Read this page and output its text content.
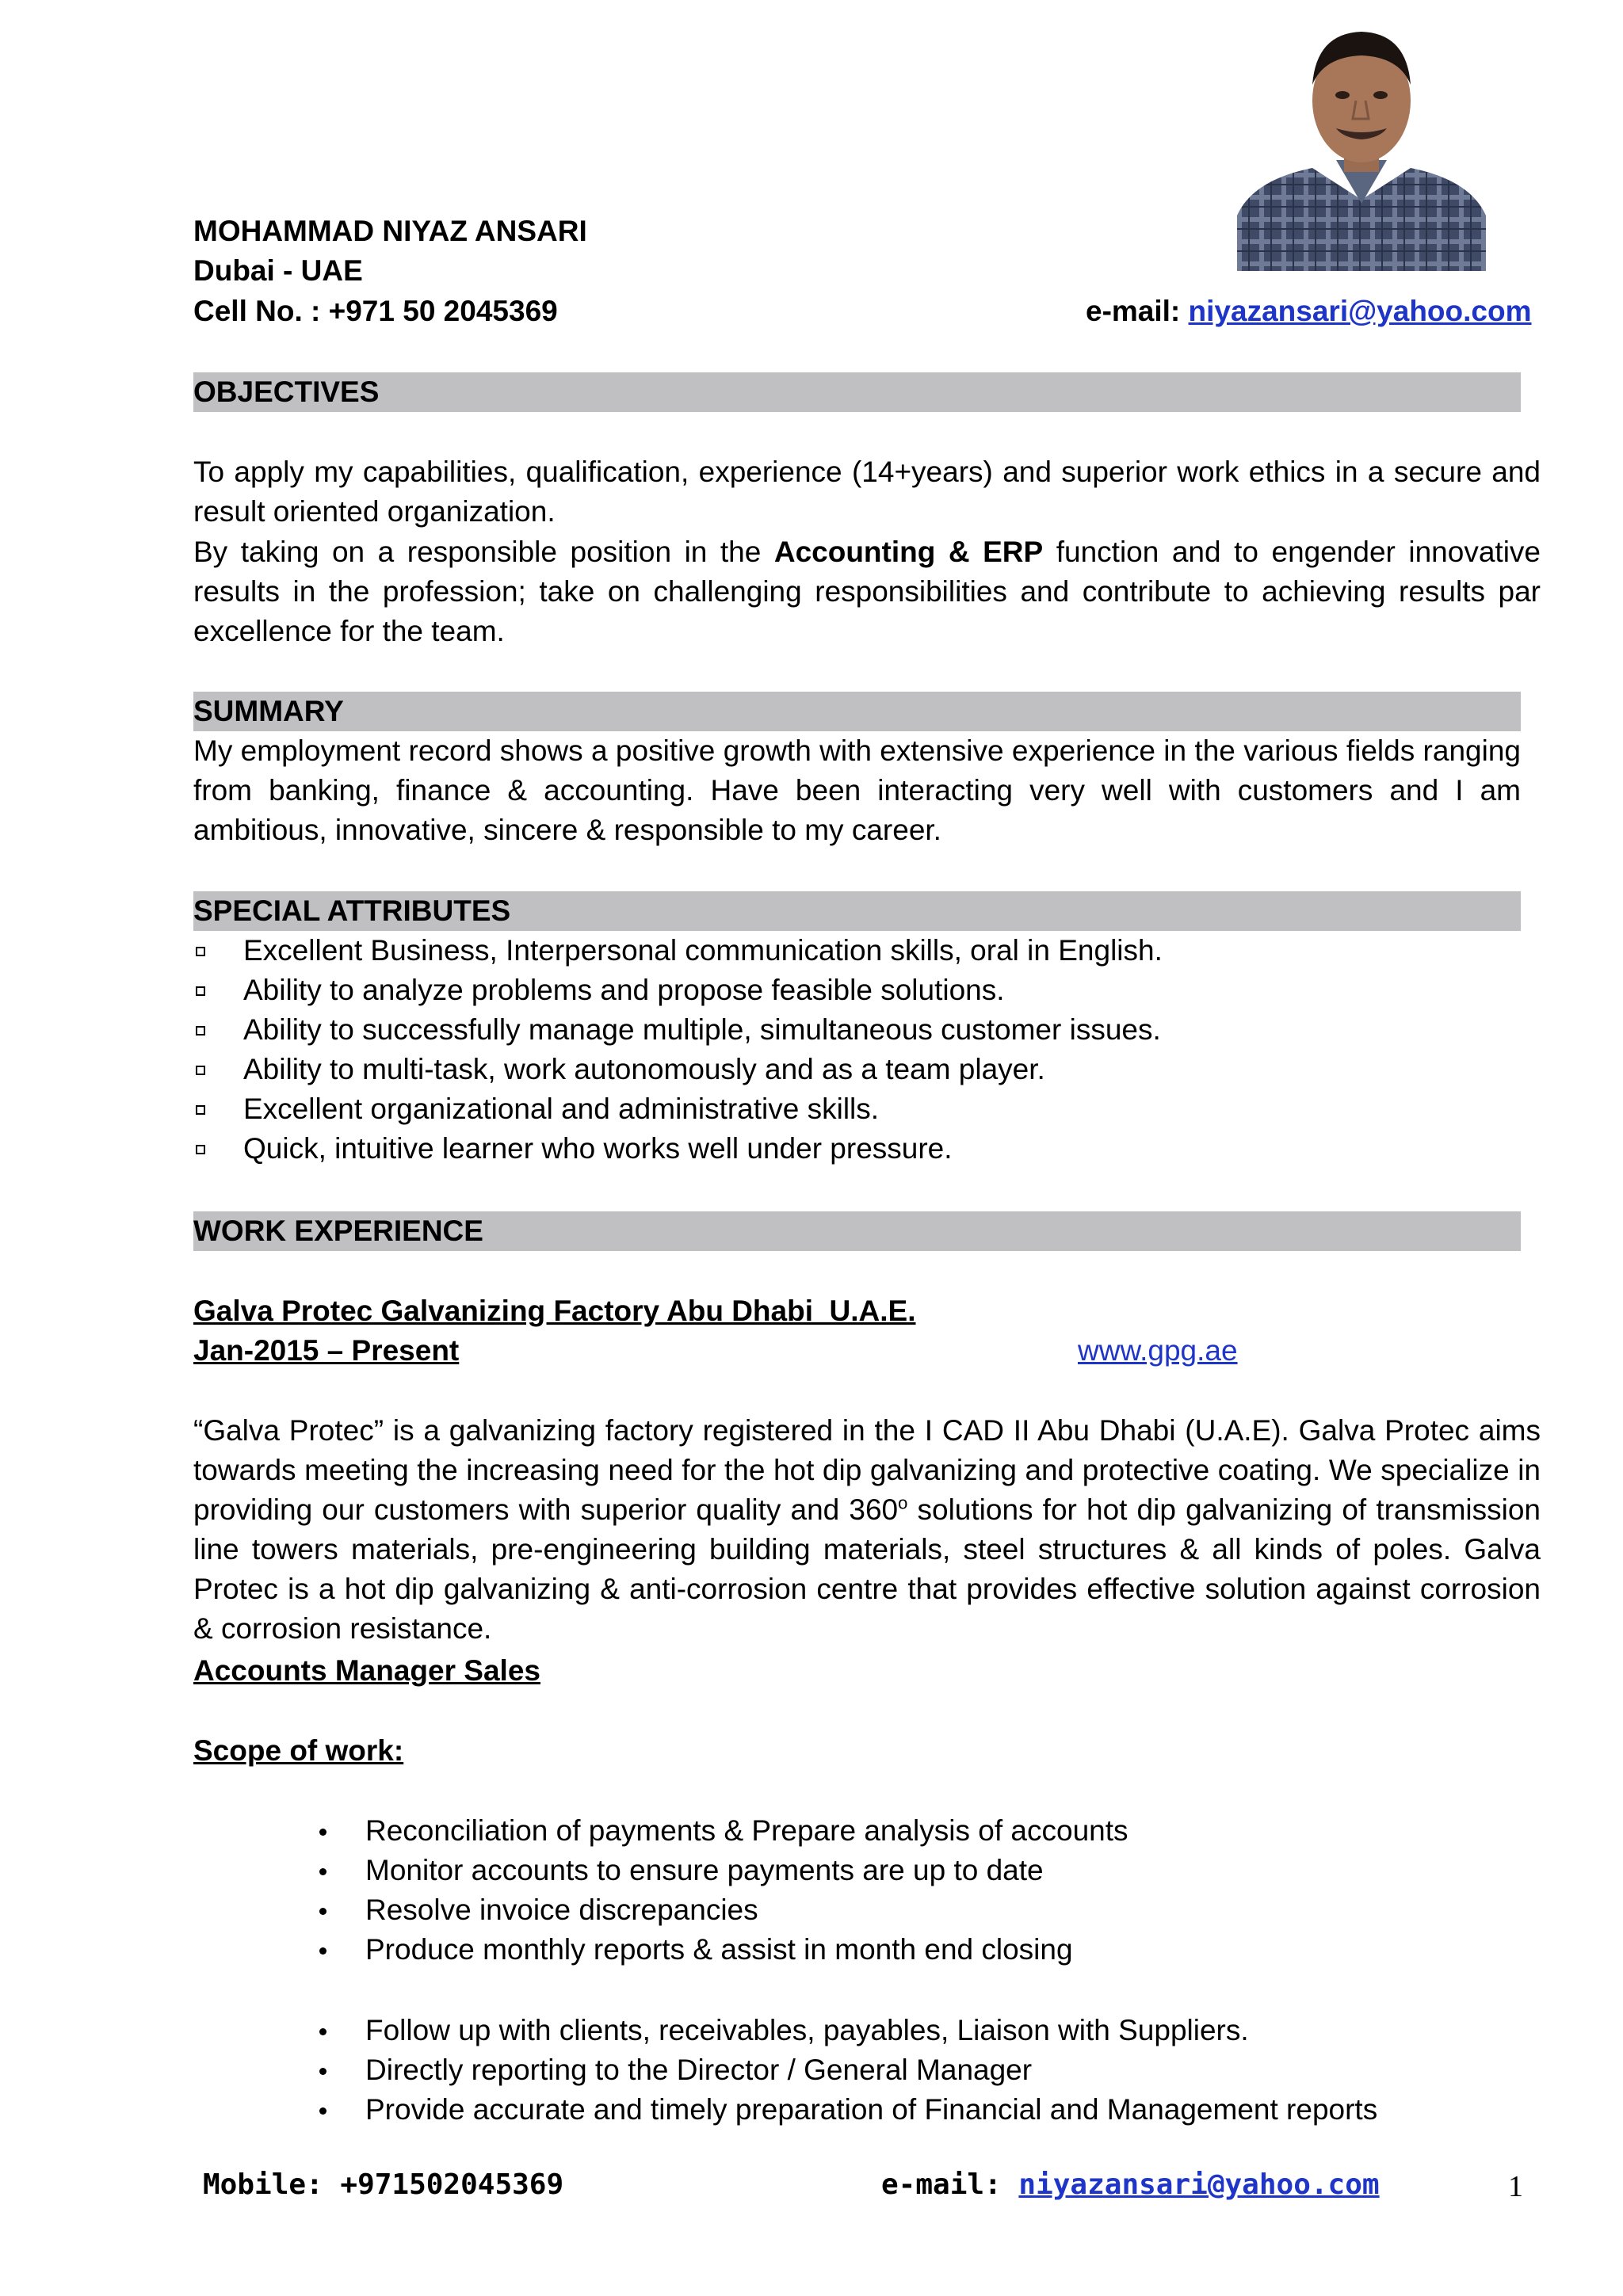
MOHAMMAD NIYAZ ANSARI
Dubai - UAE
Cell No. : +971 50 2045369	e-mail: niyazansari@yahoo.com
OBJECTIVES
To apply my capabilities, qualification, experience (14+years) and superior work ethics in a secure and result oriented organization.
By taking on a responsible position in the Accounting & ERP function and to engender innovative results in the profession; take on challenging responsibilities and contribute to achieving results par excellence for the team.
SUMMARY
My employment record shows a positive growth with extensive experience in the various fields ranging from banking, finance & accounting. Have been interacting very well with customers and I am ambitious, innovative, sincere & responsible to my career.
SPECIAL ATTRIBUTES
Excellent Business, Interpersonal communication skills, oral in English.
Ability to analyze problems and propose feasible solutions.
Ability to successfully manage multiple, simultaneous customer issues.
Ability to multi-task, work autonomously and as a team player.
Excellent organizational and administrative skills.
Quick, intuitive learner who works well under pressure.
WORK EXPERIENCE
Galva Protec Galvanizing Factory Abu Dhabi  U.A.E.
Jan-2015 – Present	www.gpg.ae
“Galva Protec” is a galvanizing factory registered in the I CAD II Abu Dhabi (U.A.E). Galva Protec aims towards meeting the increasing need for the hot dip galvanizing and protective coating. We specialize in providing our customers with superior quality and 360$^o$ solutions for hot dip galvanizing of transmission line towers materials, pre-engineering building materials, steel structures & all kinds of poles. Galva Protec is a hot dip galvanizing & anti-corrosion centre that provides effective solution against corrosion & corrosion resistance.
Accounts Manager Sales
Scope of work:
Reconciliation of payments & Prepare analysis of accounts
Monitor accounts to ensure payments are up to date
Resolve invoice discrepancies
Produce monthly reports & assist in month end closing
Follow up with clients, receivables, payables, Liaison with Suppliers.
Directly reporting to the Director / General Manager
Provide accurate and timely preparation of Financial and Management reports
Mobile: +971502045369	e-mail: niyazansari@yahoo.com	1
